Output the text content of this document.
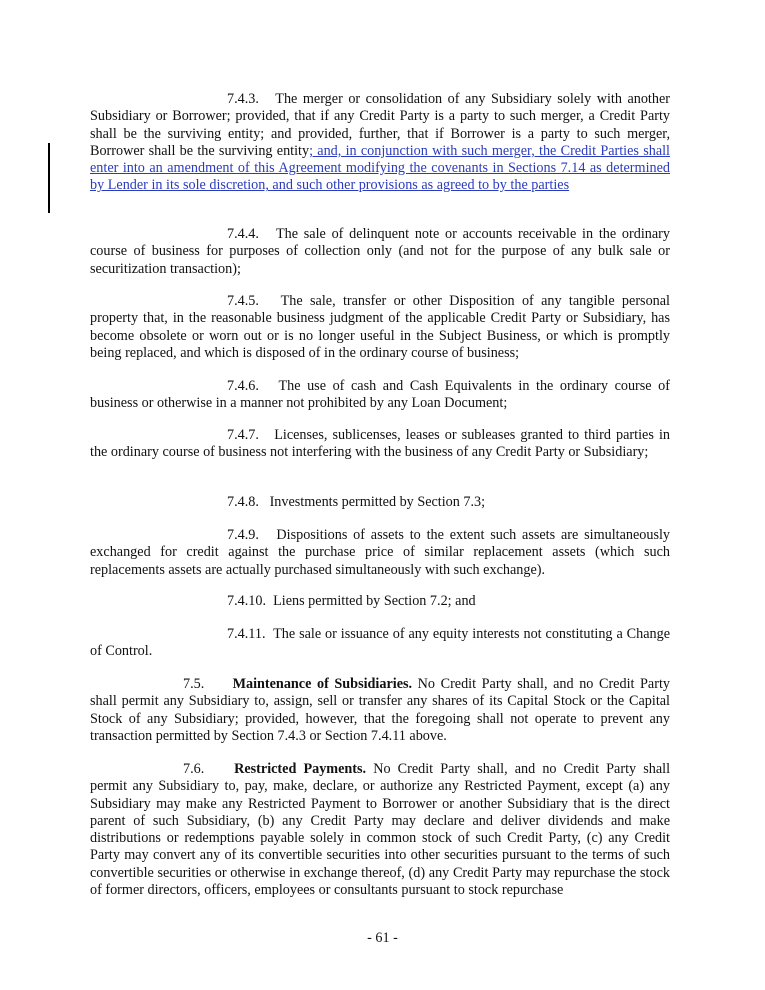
7.4.3. The merger or consolidation of any Subsidiary solely with another Subsidiary or Borrower; provided, that if any Credit Party is a party to such merger, a Credit Party shall be the surviving entity; and provided, further, that if Borrower is a party to such merger, Borrower shall be the surviving entity; and, in conjunction with such merger, the Credit Parties shall enter into an amendment of this Agreement modifying the covenants in Sections 7.14 as determined by Lender in its sole discretion, and such other provisions as agreed to by the parties

7.4.4. The sale of delinquent note or accounts receivable in the ordinary course of business for purposes of collection only (and not for the purpose of any bulk sale or securitization transaction);

7.4.5. The sale, transfer or other Disposition of any tangible personal property that, in the reasonable business judgment of the applicable Credit Party or Subsidiary, has become obsolete or worn out or is no longer useful in the Subject Business, or which is promptly being replaced, and which is disposed of in the ordinary course of business;

7.4.6. The use of cash and Cash Equivalents in the ordinary course of business or otherwise in a manner not prohibited by any Loan Document;

7.4.7. Licenses, sublicenses, leases or subleases granted to third parties in the ordinary course of business not interfering with the business of any Credit Party or Subsidiary;

7.4.8. Investments permitted by Section 7.3;

7.4.9. Dispositions of assets to the extent such assets are simultaneously exchanged for credit against the purchase price of similar replacement assets (which such replacements assets are actually purchased simultaneously with such exchange).

7.4.10. Liens permitted by Section 7.2; and

7.4.11. The sale or issuance of any equity interests not constituting a Change of Control.

7.5. Maintenance of Subsidiaries. No Credit Party shall, and no Credit Party shall permit any Subsidiary to, assign, sell or transfer any shares of its Capital Stock or the Capital Stock of any Subsidiary; provided, however, that the foregoing shall not operate to prevent any transaction permitted by Section 7.4.3 or Section 7.4.11 above.

7.6. Restricted Payments. No Credit Party shall, and no Credit Party shall permit any Subsidiary to, pay, make, declare, or authorize any Restricted Payment, except (a) any Subsidiary may make any Restricted Payment to Borrower or another Subsidiary that is the direct parent of such Subsidiary, (b) any Credit Party may declare and deliver dividends and make distributions or redemptions payable solely in common stock of such Credit Party, (c) any Credit Party may convert any of its convertible securities into other securities pursuant to the terms of such convertible securities or otherwise in exchange thereof, (d) any Credit Party may repurchase the stock of former directors, officers, employees or consultants pursuant to stock repurchase

- 61 -
